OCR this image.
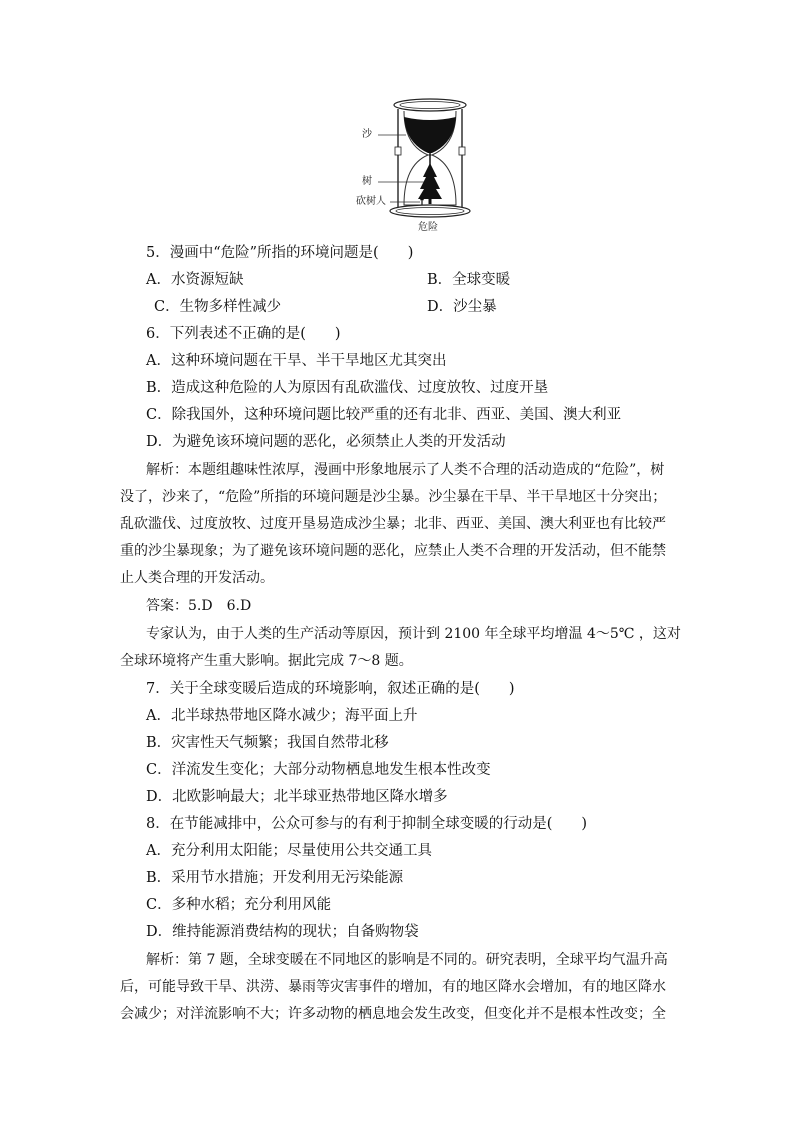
沙
树
砍树人
危险
5．漫画中“危险”所指的环境问题是(　　)
A．水资源短缺	B．全球变暖
C．生物多样性减少	D．沙尘暴
6．下列表述不正确的是(　　)
A．这种环境问题在干旱、半干旱地区尤其突出
B．造成这种危险的人为原因有乱砍滥伐、过度放牧、过度开垦
C．除我国外，这种环境问题比较严重的还有北非、西亚、美国、澳大利亚
D．为避免该环境问题的恶化，必须禁止人类的开发活动
解析：本题组趣味性浓厚，漫画中形象地展示了人类不合理的活动造成的“危险”，树
没了，沙来了，“危险”所指的环境问题是沙尘暴。沙尘暴在干旱、半干旱地区十分突出；
乱砍滥伐、过度放牧、过度开垦易造成沙尘暴；北非、西亚、美国、澳大利亚也有比较严
重的沙尘暴现象；为了避免该环境问题的恶化，应禁止人类不合理的开发活动，但不能禁
止人类合理的开发活动。
答案：5.D　6.D
专家认为，由于人类的生产活动等原因，预计到 2100 年全球平均增温 4～5℃ ，这对
全球环境将产生重大影响。据此完成 7～8 题。
7．关于全球变暖后造成的环境影响，叙述正确的是(　　)
A．北半球热带地区降水减少；海平面上升
B．灾害性天气频繁；我国自然带北移
C．洋流发生变化；大部分动物栖息地发生根本性改变
D．北欧影响最大；北半球亚热带地区降水增多
8．在节能减排中，公众可参与的有利于抑制全球变暖的行动是(　　)
A．充分利用太阳能；尽量使用公共交通工具
B．采用节水措施；开发利用无污染能源
C．多种水稻；充分利用风能
D．维持能源消费结构的现状；自备购物袋
解析：第 7 题，全球变暖在不同地区的影响是不同的。研究表明，全球平均气温升高
后，可能导致干旱、洪涝、暴雨等灾害事件的增加，有的地区降水会增加，有的地区降水
会减少；对洋流影响不大；许多动物的栖息地会发生改变，但变化并不是根本性改变；全
